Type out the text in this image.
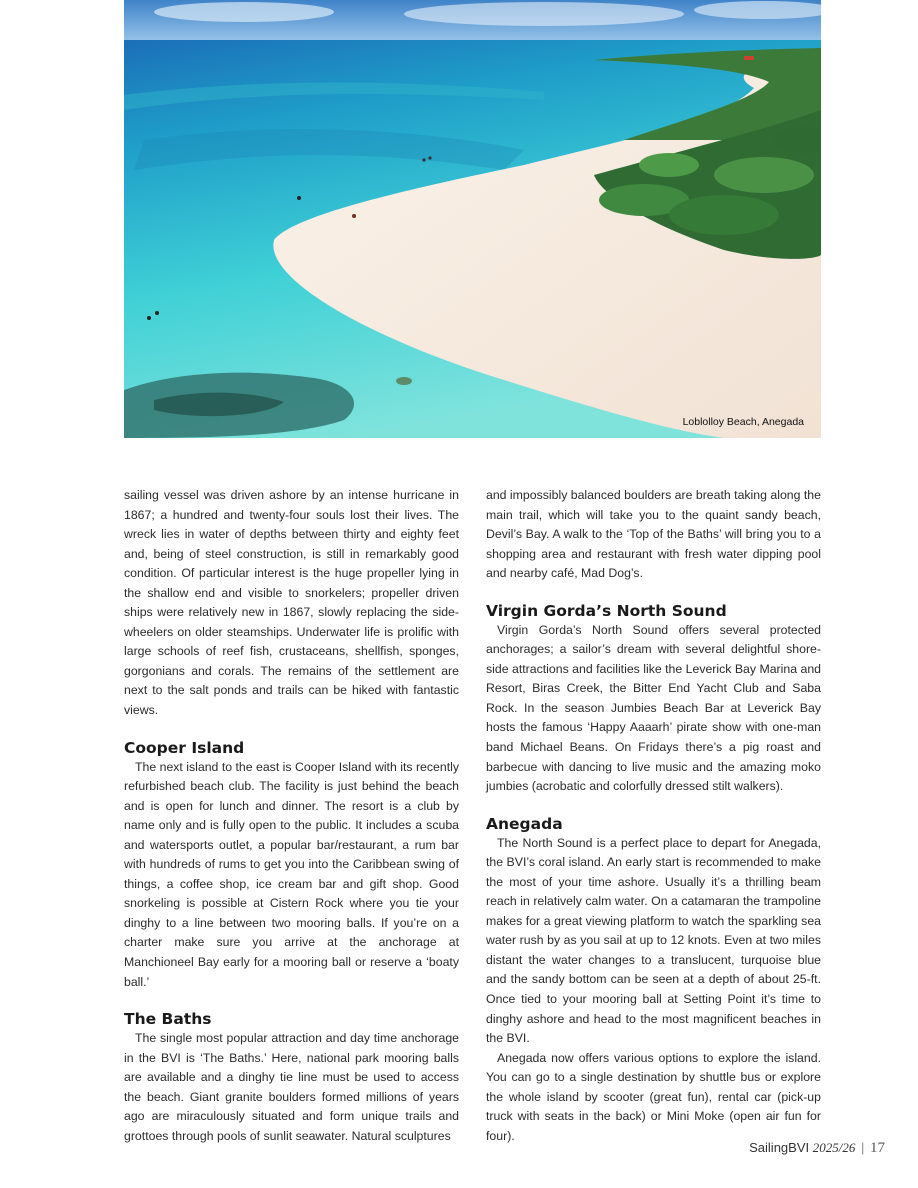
Loblolloy Beach, Anegada

sailing vessel was driven ashore by an intense hurricane in 1867; a hundred and twenty-four souls lost their lives. The wreck lies in water of depths between thirty and eighty feet and, being of steel construction, is still in remarkably good condition. Of particular interest is the huge propeller lying in the shallow end and visible to snorkelers; propeller driven ships were relatively new in 1867, slowly replacing the side-wheelers on older steamships. Underwater life is prolific with large schools of reef fish, crustaceans, shellfish, sponges, gorgonians and corals. The remains of the settlement are next to the salt ponds and trails can be hiked with fantastic views.

Cooper Island

The next island to the east is Cooper Island with its recently refurbished beach club. The facility is just behind the beach and is open for lunch and dinner. The resort is a club by name only and is fully open to the public. It includes a scuba and watersports outlet, a popular bar/restaurant, a rum bar with hundreds of rums to get you into the Caribbean swing of things, a coffee shop, ice cream bar and gift shop. Good snorkeling is possible at Cistern Rock where you tie your dinghy to a line between two mooring balls. If you’re on a charter make sure you arrive at the anchorage at Manchioneel Bay early for a mooring ball or reserve a ‘boaty ball.’

The Baths

The single most popular attraction and day time anchorage in the BVI is ‘The Baths.’ Here, national park mooring balls are available and a dinghy tie line must be used to access the beach. Giant granite boulders formed millions of years ago are miraculously situated and form unique trails and grottoes through pools of sunlit seawater. Natural sculptures

and impossibly balanced boulders are breath taking along the main trail, which will take you to the quaint sandy beach, Devil’s Bay. A walk to the ‘Top of the Baths’ will bring you to a shopping area and restaurant with fresh water dipping pool and nearby café, Mad Dog’s.

Virgin Gorda’s North Sound

Virgin Gorda’s North Sound offers several protected anchorages; a sailor’s dream with several delightful shore-side attractions and facilities like the Leverick Bay Marina and Resort, Biras Creek, the Bitter End Yacht Club and Saba Rock. In the season Jumbies Beach Bar at Leverick Bay hosts the famous ‘Happy Aaaarh’ pirate show with one-man band Michael Beans. On Fridays there’s a pig roast and barbecue with dancing to live music and the amazing moko jumbies (acrobatic and colorfully dressed stilt walkers).

Anegada

The North Sound is a perfect place to depart for Anegada, the BVI’s coral island. An early start is recommended to make the most of your time ashore. Usually it’s a thrilling beam reach in relatively calm water. On a catamaran the trampoline makes for a great viewing platform to watch the sparkling sea water rush by as you sail at up to 12 knots. Even at two miles distant the water changes to a translucent, turquoise blue and the sandy bottom can be seen at a depth of about 25-ft. Once tied to your mooring ball at Setting Point it’s time to dinghy ashore and head to the most magnificent beaches in the BVI.

Anegada now offers various options to explore the island. You can go to a single destination by shuttle bus or explore the whole island by scooter (great fun), rental car (pick-up truck with seats in the back) or Mini Moke (open air fun for four).

SailingBVI 2025/26 | 17
